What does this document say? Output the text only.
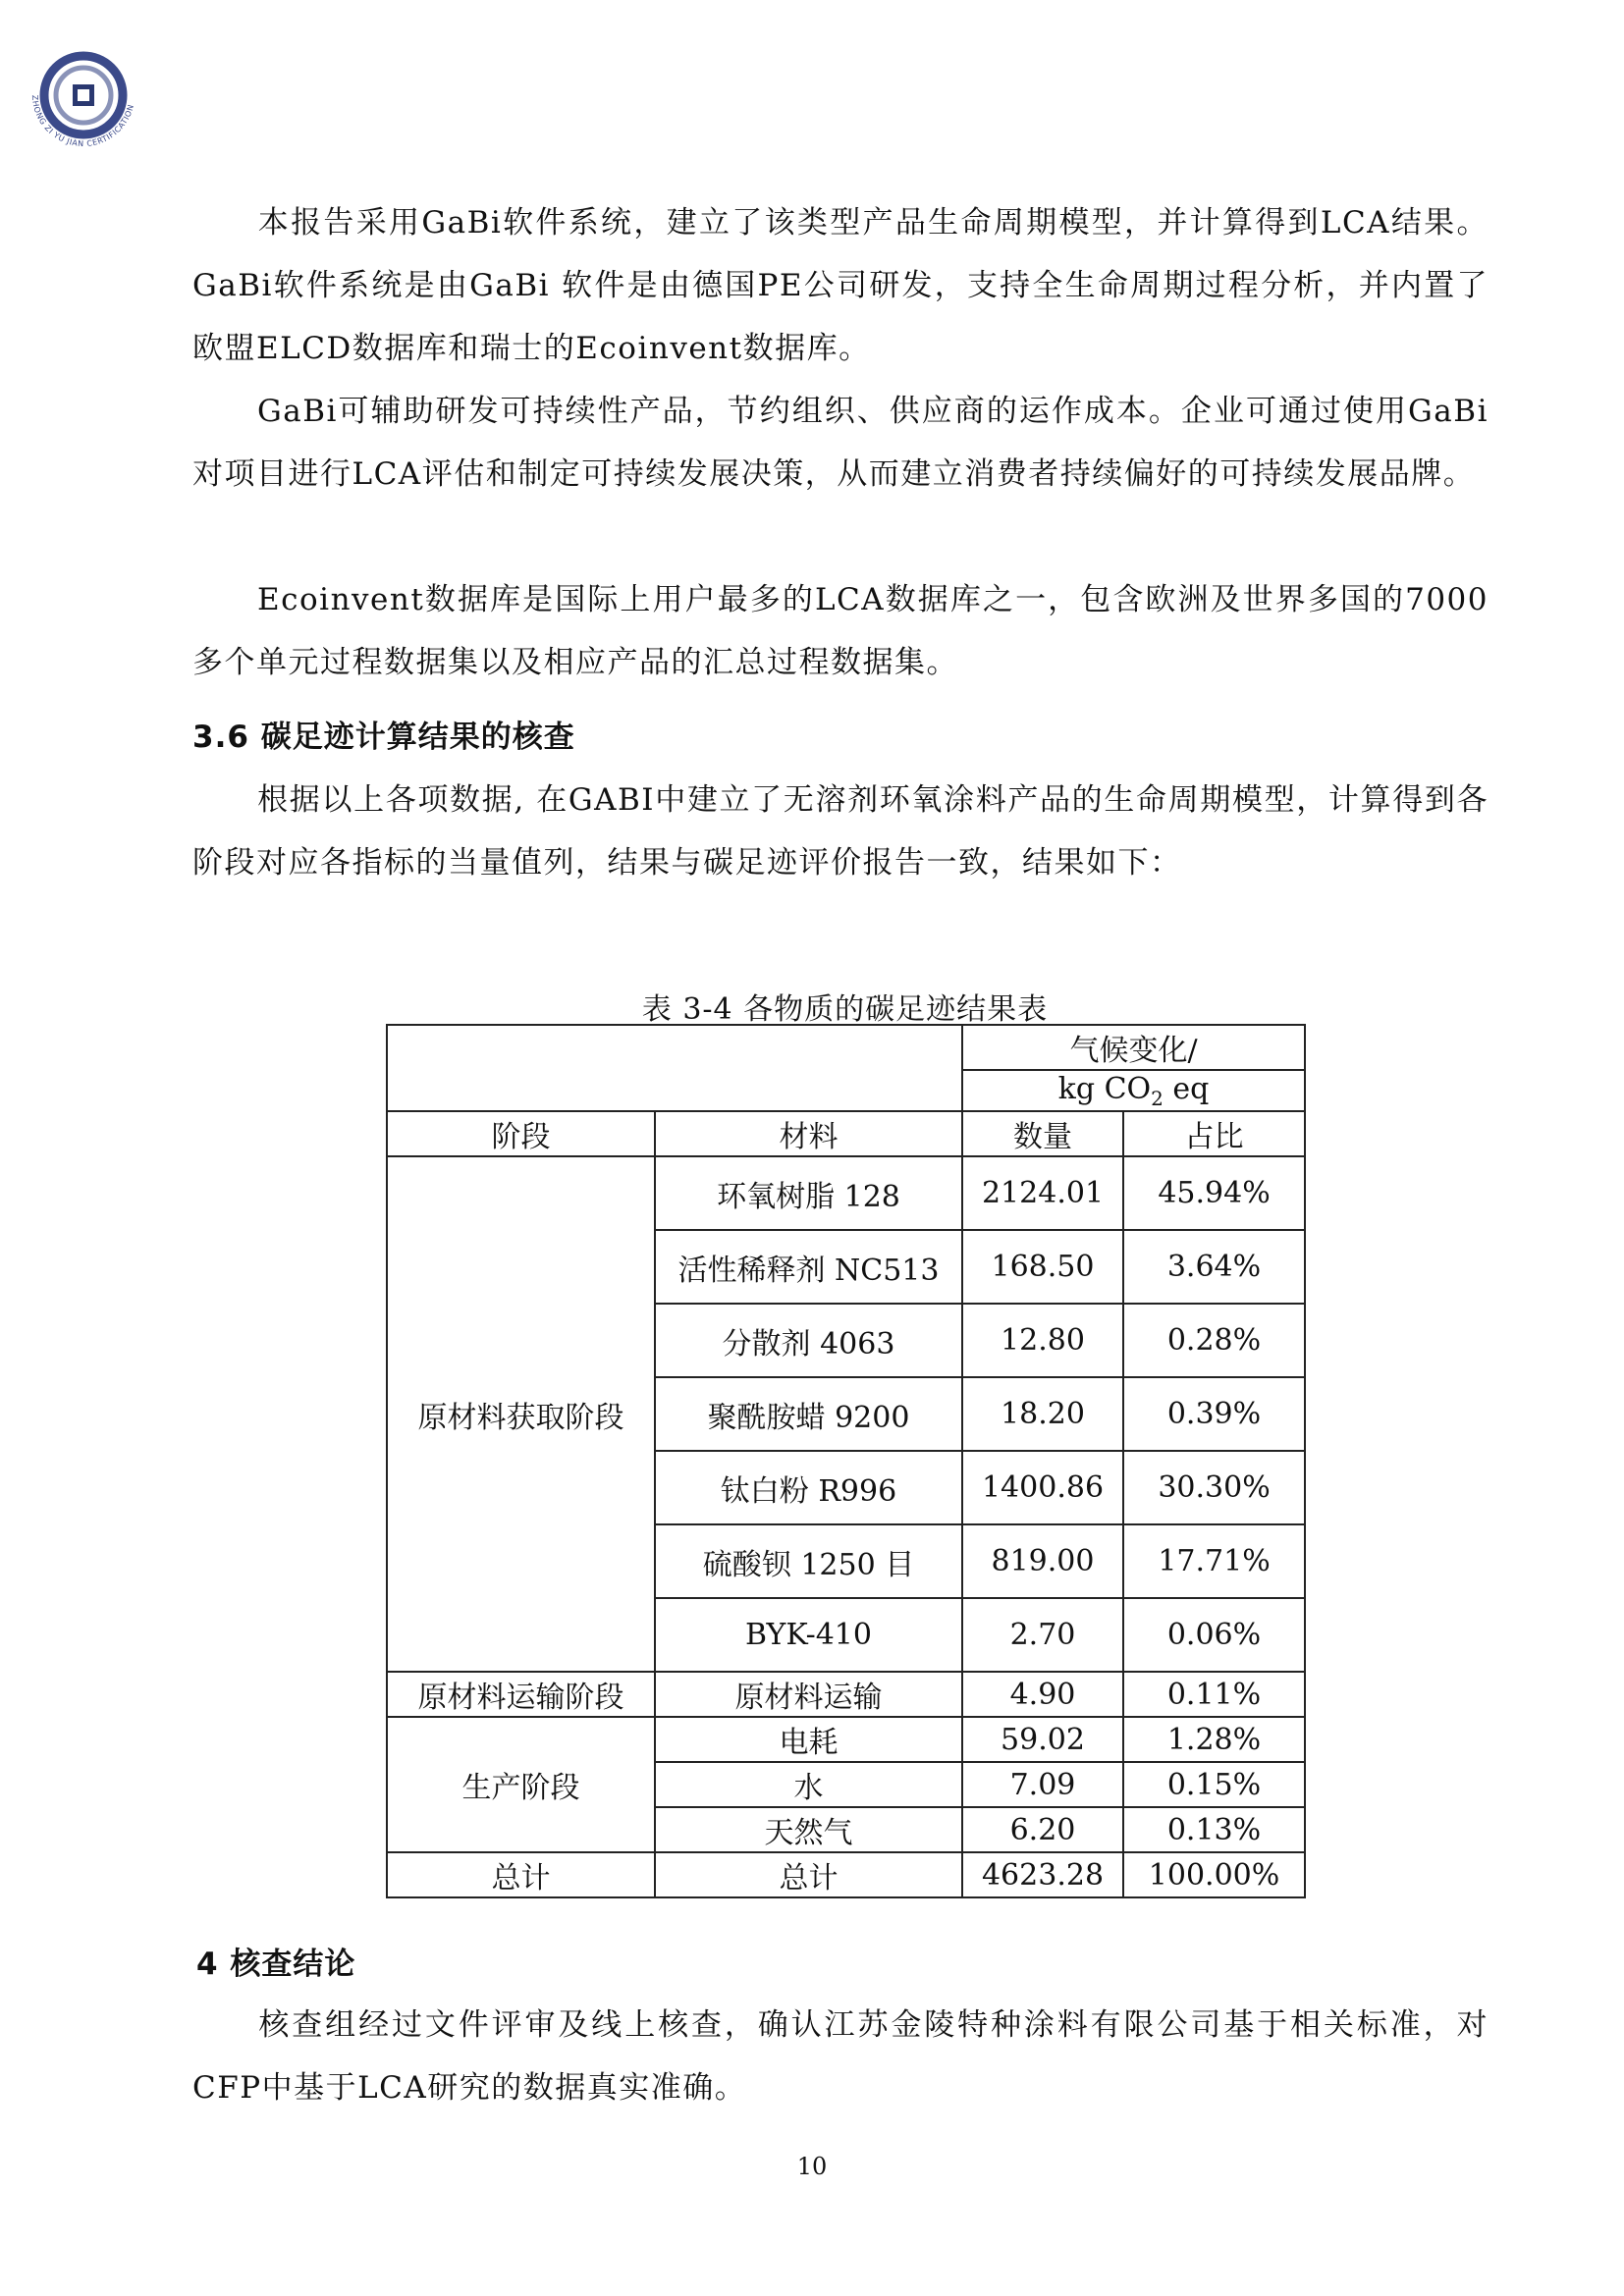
ZHONG ZI YU JIAN CERTIFICATION

本报告采用GaBi软件系统，建立了该类型产品生命周期模型，并计算得到LCA结果。GaBi软件系统是由GaBi 软件是由德国PE公司研发，支持全生命周期过程分析，并内置了欧盟ELCD数据库和瑞士的Ecoinvent数据库。

GaBi可辅助研发可持续性产品，节约组织、供应商的运作成本。企业可通过使用GaBi对项目进行LCA评估和制定可持续发展决策，从而建立消费者持续偏好的可持续发展品牌。

Ecoinvent数据库是国际上用户最多的LCA数据库之一，包含欧洲及世界多国的7000多个单元过程数据集以及相应产品的汇总过程数据集。

3.6 碳足迹计算结果的核查

根据以上各项数据, 在GABI中建立了无溶剂环氧涂料产品的生命周期模型，计算得到各阶段对应各指标的当量值列，结果与碳足迹评价报告一致，结果如下：

表 3-4 各物质的碳足迹结果表
		气候变化/	
		kg $CO_2$ eq	
阶段	材料	数量	占比
原材料获取阶段	环氧树脂 128	2124.01	45.94%
	活性稀释剂 NC513	168.50	3.64%
	分散剂 4063	12.80	0.28%
	聚酰胺蜡 9200	18.20	0.39%
	钛白粉 R996	1400.86	30.30%
	硫酸钡 1250 目	819.00	17.71%
	BYK-410	2.70	0.06%
原材料运输阶段	原材料运输	4.90	0.11%
生产阶段	电耗	59.02	1.28%
	水	7.09	0.15%
	天然气	6.20	0.13%
总计	总计	4623.28	100.00%
4 核查结论

核查组经过文件评审及线上核查，确认江苏金陵特种涂料有限公司基于相关标准，对CFP中基于LCA研究的数据真实准确。

10
